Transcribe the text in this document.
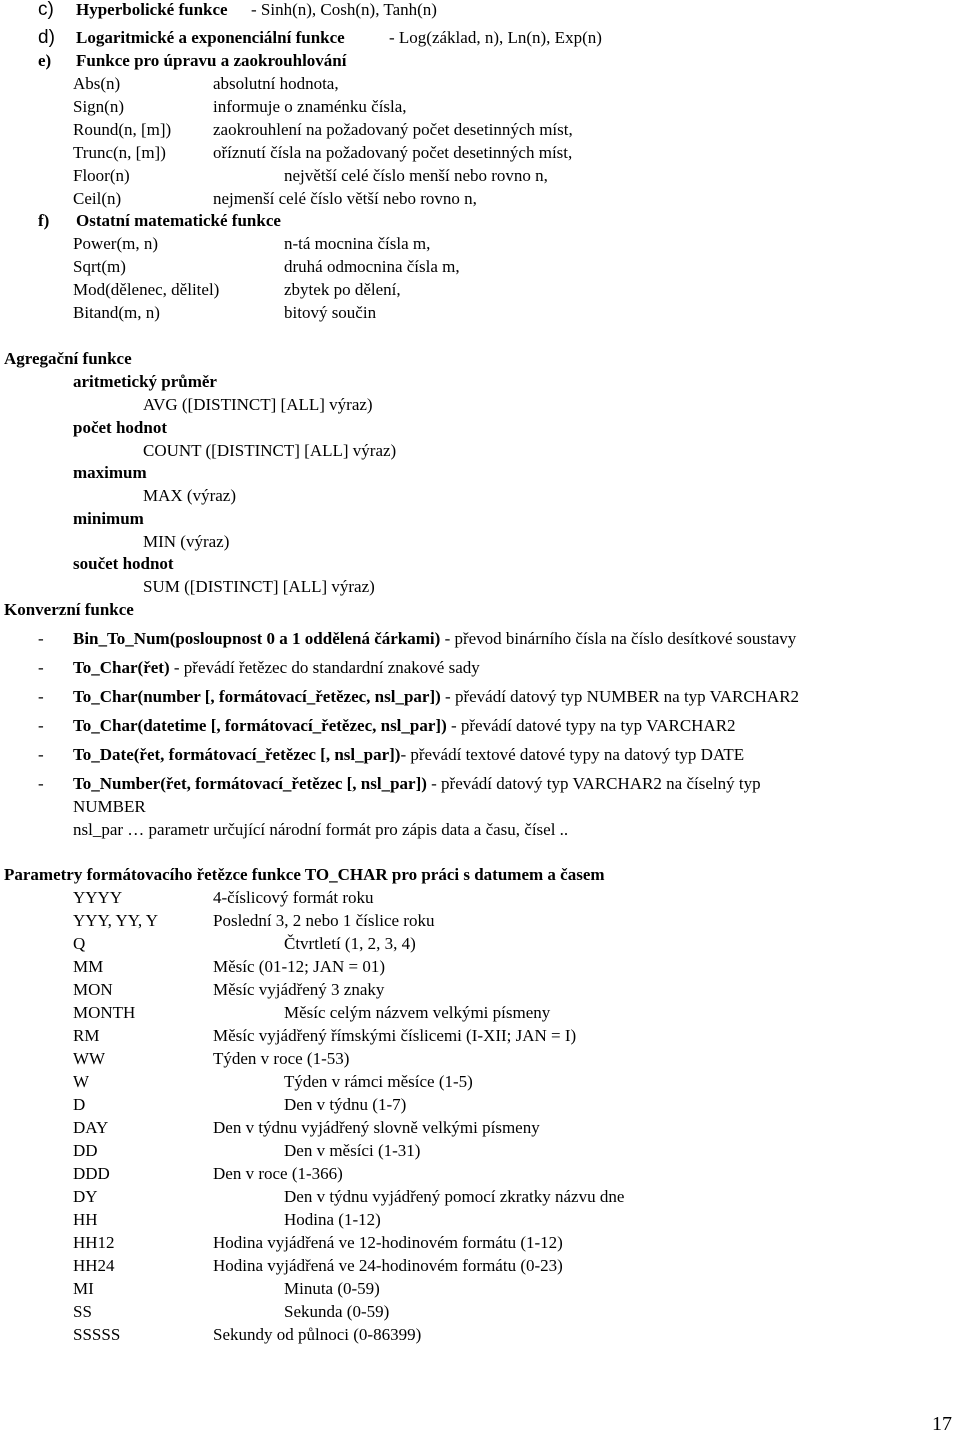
c) Hyperbolické funkce - Sinh(n), Cosh(n), Tanh(n)
d) Logaritmické a exponenciální funkce	- Log(základ, n), Ln(n), Exp(n)
e) Funkce pro úpravu a zaokrouhlování
Abs(n)	absolutní hodnota,
Sign(n)	informuje o znaménku čísla,
Round(n, [m]) zaokrouhlení na požadovaný počet desetinných míst,
Trunc(n, [m])	oříznutí čísla na požadovaný počet desetinných míst,
Floor(n)	největší celé číslo menší nebo rovno n,
Ceil(n)	nejmenší celé číslo větší nebo rovno n,
f) Ostatní matematické funkce
Power(m, n)	n-tá mocnina čísla m,
Sqrt(m)	druhá odmocnina čísla m,
Mod(dělenec, dělitel)	zbytek po dělení,
Bitand(m, n)	bitový součin
Agregační funkce
aritmetický průměr
AVG ([DISTINCT] [ALL] výraz)
počet hodnot
COUNT ([DISTINCT] [ALL] výraz)
maximum
MAX (výraz)
minimum
MIN (výraz)
součet hodnot
SUM ([DISTINCT] [ALL] výraz)
Konverzní funkce
- Bin_To_Num(posloupnost 0 a 1 oddělená čárkami) - převod binárního čísla na číslo desítkové soustavy
- To_Char(řet) - převádí řetězec do standardní znakové sady
- To_Char(number [, formátovací_řetězec, nsl_par]) - převádí datový typ NUMBER na typ VARCHAR2
- To_Char(datetime [, formátovací_řetězec, nsl_par]) - převádí datové typy na typ VARCHAR2
- To_Date(řet, formátovací_řetězec [, nsl_par])- převádí textové datové typy na datový typ DATE
- To_Number(řet, formátovací_řetězec [, nsl_par]) - převádí datový typ VARCHAR2 na číselný typ
NUMBER
nsl_par … parametr určující národní formát pro zápis data a času, čísel ..
Parametry formátovacího řetězce funkce TO_CHAR pro práci s datumem a časem
YYYY	4-číslicový formát roku
YYY, YY, Y	Poslední 3, 2 nebo 1 číslice roku
Q	Čtvrtletí (1, 2, 3, 4)
MM	Měsíc (01-12; JAN = 01)
MON	Měsíc vyjádřený 3 znaky
MONTH	Měsíc celým názvem velkými písmeny
RM	Měsíc vyjádřený římskými číslicemi (I-XII; JAN = I)
WW	Týden v roce (1-53)
W	Týden v rámci měsíce (1-5)
D	Den v týdnu (1-7)
DAY	Den v týdnu vyjádřený slovně velkými písmeny
DD	Den v měsíci (1-31)
DDD	Den v roce (1-366)
DY	Den v týdnu vyjádřený pomocí zkratky názvu dne
HH	Hodina (1-12)
HH12	Hodina vyjádřená ve 12-hodinovém formátu (1-12)
HH24	Hodina vyjádřená ve 24-hodinovém formátu (0-23)
MI	Minuta (0-59)
SS	Sekunda (0-59)
SSSSS	Sekundy od půlnoci (0-86399)
17
